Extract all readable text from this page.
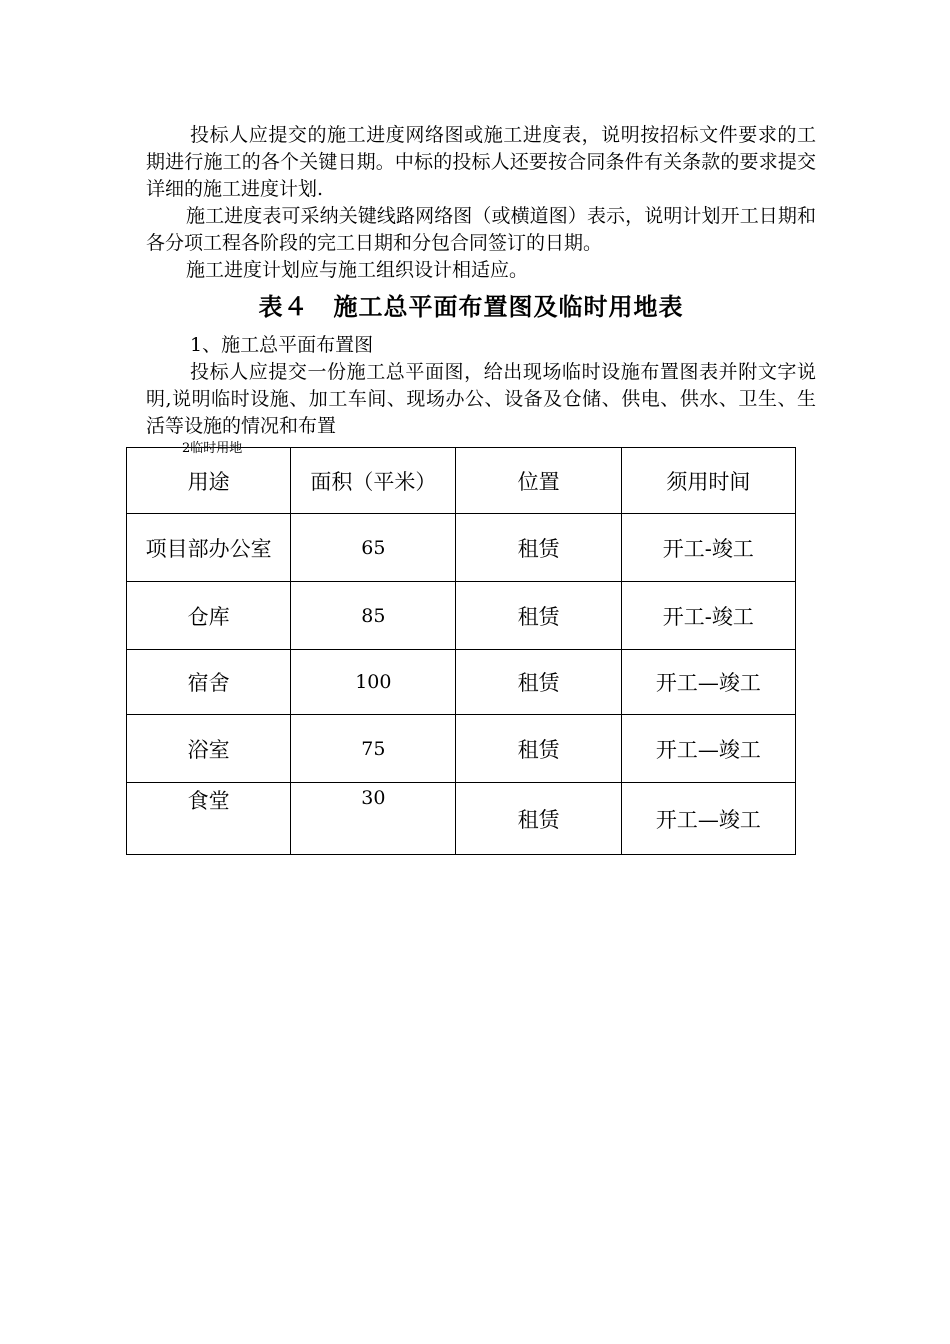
投标人应提交的施工进度网络图或施工进度表，说明按招标文件要求的工期进行施工的各个关键日期。中标的投标人还要按合同条件有关条款的要求提交详细的施工进度计划.

施工进度表可采纳关键线路网络图（或横道图）表示，说明计划开工日期和各分项工程各阶段的完工日期和分包合同签订的日期。

施工进度计划应与施工组织设计相适应。

表４　施工总平面布置图及临时用地表

1、施工总平面布置图

投标人应提交一份施工总平面图，给出现场临时设施布置图表并附文字说明,说明临时设施、加工车间、现场办公、设备及仓储、供电、供水、卫生、生活等设施的情况和布置

2临时用地

用途	面积（平米）	位置	须用时间
项目部办公室	65	租赁	开工-竣工
仓库	85	租赁	开工-竣工
宿舍	100	租赁	开工—竣工
浴室	75	租赁	开工—竣工
食堂	30	租赁	开工—竣工
